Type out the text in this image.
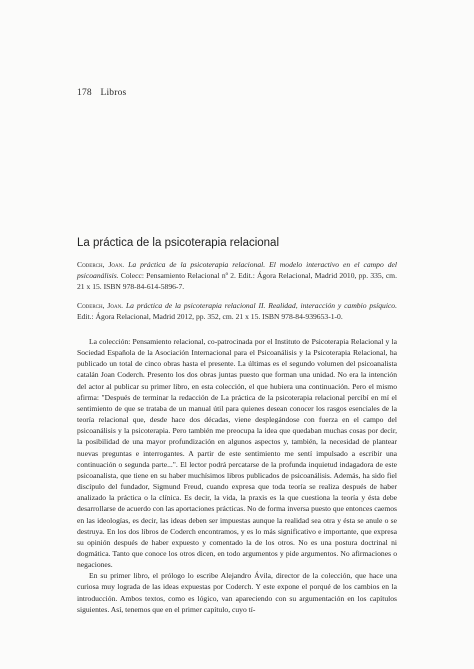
178 Libros
La práctica de la psicoterapia relacional

Coderch, Joan. La práctica de la psicoterapia relacional. El modelo interactivo en el campo del psicoanálisis. Colecc: Pensamiento Relacional nº 2. Edit.: Ágora Relacional, Madrid 2010, pp. 335, cm. 21 x 15. ISBN 978-84-614-5896-7.

Coderch, Joan. La práctica de la psicoterapia relacional II. Realidad, interacción y cambio psíquico. Edit.: Ágora Relacional, Madrid 2012, pp. 352, cm. 21 x 15. ISBN 978-84-939653-1-0.

La colección: Pensamiento relacional, co-patrocinada por el Instituto de Psicoterapia Relacional y la Sociedad Española de la Asociación Internacional para el Psicoanálisis y la Psicoterapia Relacional, ha publicado un total de cinco obras hasta el presente. La últimas es el segundo volumen del psicoanalista catalán Joan Coderch. Presento los dos obras juntas puesto que forman una unidad. No era la intención del actor al publicar su primer libro, en esta colección, el que hubiera una continuación. Pero el mismo afirma: "Después de terminar la redacción de La práctica de la psicoterapia relacional percibí en mí el sentimiento de que se trataba de un manual útil para quienes desean conocer los rasgos esenciales de la teoría relacional que, desde hace dos décadas, viene desplegándose con fuerza en el campo del psicoanálisis y la psicoterapia. Pero también me preocupa la idea que quedaban muchas cosas por decir, la posibilidad de una mayor profundización en algunos aspectos y, también, la necesidad de plantear nuevas preguntas e interrogantes. A partir de este sentimiento me sentí impulsado a escribir una continuación o segunda parte...". El lector podrá percatarse de la profunda inquietud indagadora de este psicoanalista, que tiene en su haber muchísimos libros publicados de psicoanálisis. Además, ha sido fiel discípulo del fundador, Sigmund Freud, cuando expresa que toda teoría se realiza después de haber analizado la práctica o la clínica. Es decir, la vida, la praxis es la que cuestiona la teoría y ésta debe desarrollarse de acuerdo con las aportaciones prácticas. No de forma inversa puesto que entonces caemos en las ideologías, es decir, las ideas deben ser impuestas aunque la realidad sea otra y ésta se anule o se destruya. En los dos libros de Coderch encontramos, y es lo más significativo e importante, que expresa su opinión después de haber expuesto y comentado la de los otros. No es una postura doctrinal ni dogmática. Tanto que conoce los otros dicen, en todo argumentos y pide argumentos. No afirmaciones o negaciones.

En su primer libro, el prólogo lo escribe Alejandro Ávila, director de la colección, que hace una curiosa muy lograda de las ideas expuestas por Coderch. Y este expone el porqué de los cambios en la introducción. Ambos textos, como es lógico, van apareciendo con su argumentación en los capítulos siguientes. Así, tenemos que en el primer capítulo, cuyo tí-
